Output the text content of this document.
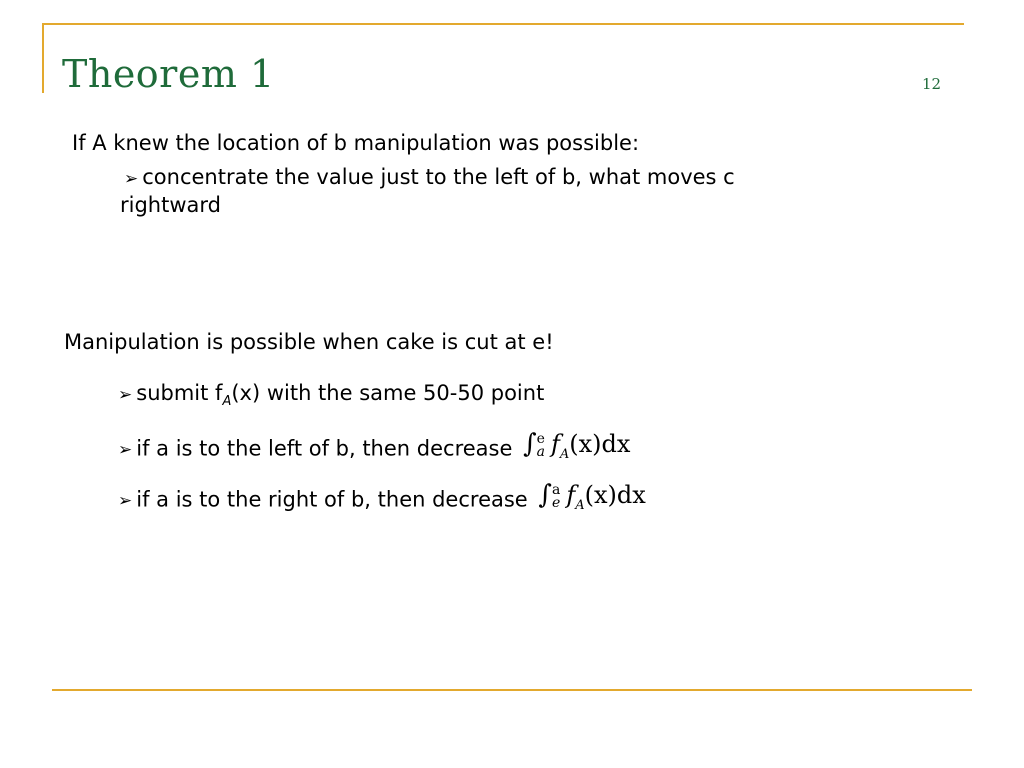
Theorem 1	12
If A knew the location of b manipulation was possible:
➢ concentrate the value just to the left of b, what moves c
rightward
Manipulation is possible when cake is cut at e!
➢ submit $f_A(x)$ with the same 50-50 point
➢ if a is to the left of b, then decrease ∫ e
a $f_A(x)dx$
➢ if a is to the right of b, then decrease ∫ a
e $f_A(x)dx$
